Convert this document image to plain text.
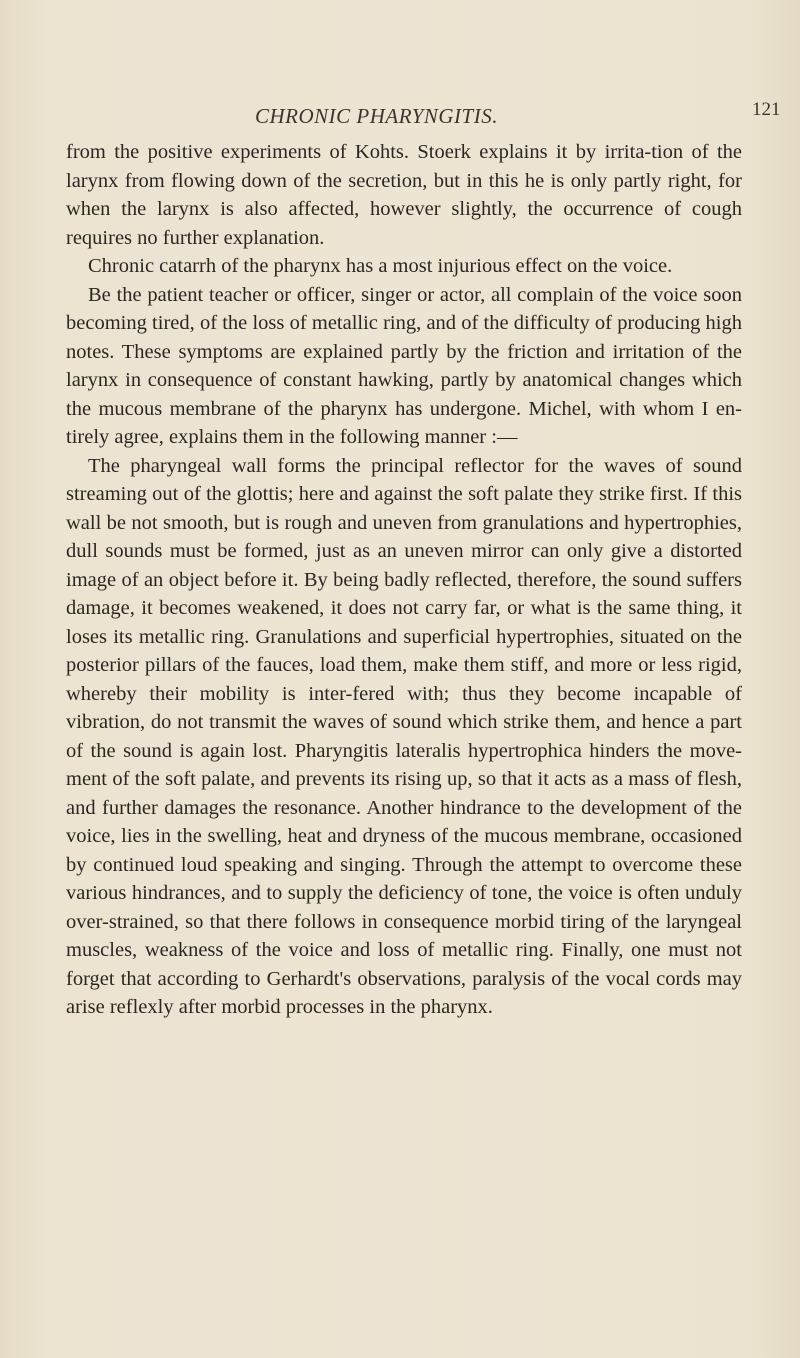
CHRONIC PHARYNGITIS.	121

from the positive experiments of Kohts. Stoerk explains it by irrita-tion of the larynx from flowing down of the secretion, but in this he is only partly right, for when the larynx is also affected, however slightly, the occurrence of cough requires no further explanation.

Chronic catarrh of the pharynx has a most injurious effect on the voice.

Be the patient teacher or officer, singer or actor, all complain of the voice soon becoming tired, of the loss of metallic ring, and of the difficulty of producing high notes. These symptoms are explained partly by the friction and irritation of the larynx in consequence of constant hawking, partly by anatomical changes which the mucous membrane of the pharynx has undergone. Michel, with whom I en-tirely agree, explains them in the following manner :—

The pharyngeal wall forms the principal reflector for the waves of sound streaming out of the glottis; here and against the soft palate they strike first. If this wall be not smooth, but is rough and uneven from granulations and hypertrophies, dull sounds must be formed, just as an uneven mirror can only give a distorted image of an object before it. By being badly reflected, therefore, the sound suffers damage, it becomes weakened, it does not carry far, or what is the same thing, it loses its metallic ring. Granulations and superficial hypertrophies, situated on the posterior pillars of the fauces, load them, make them stiff, and more or less rigid, whereby their mobility is inter-fered with; thus they become incapable of vibration, do not transmit the waves of sound which strike them, and hence a part of the sound is again lost. Pharyngitis lateralis hypertrophica hinders the move-ment of the soft palate, and prevents its rising up, so that it acts as a mass of flesh, and further damages the resonance. Another hindrance to the development of the voice, lies in the swelling, heat and dryness of the mucous membrane, occasioned by continued loud speaking and singing. Through the attempt to overcome these various hindrances, and to supply the deficiency of tone, the voice is often unduly over-strained, so that there follows in consequence morbid tiring of the laryngeal muscles, weakness of the voice and loss of metallic ring. Finally, one must not forget that according to Gerhardt's observations, paralysis of the vocal cords may arise reflexly after morbid processes in the pharynx.
